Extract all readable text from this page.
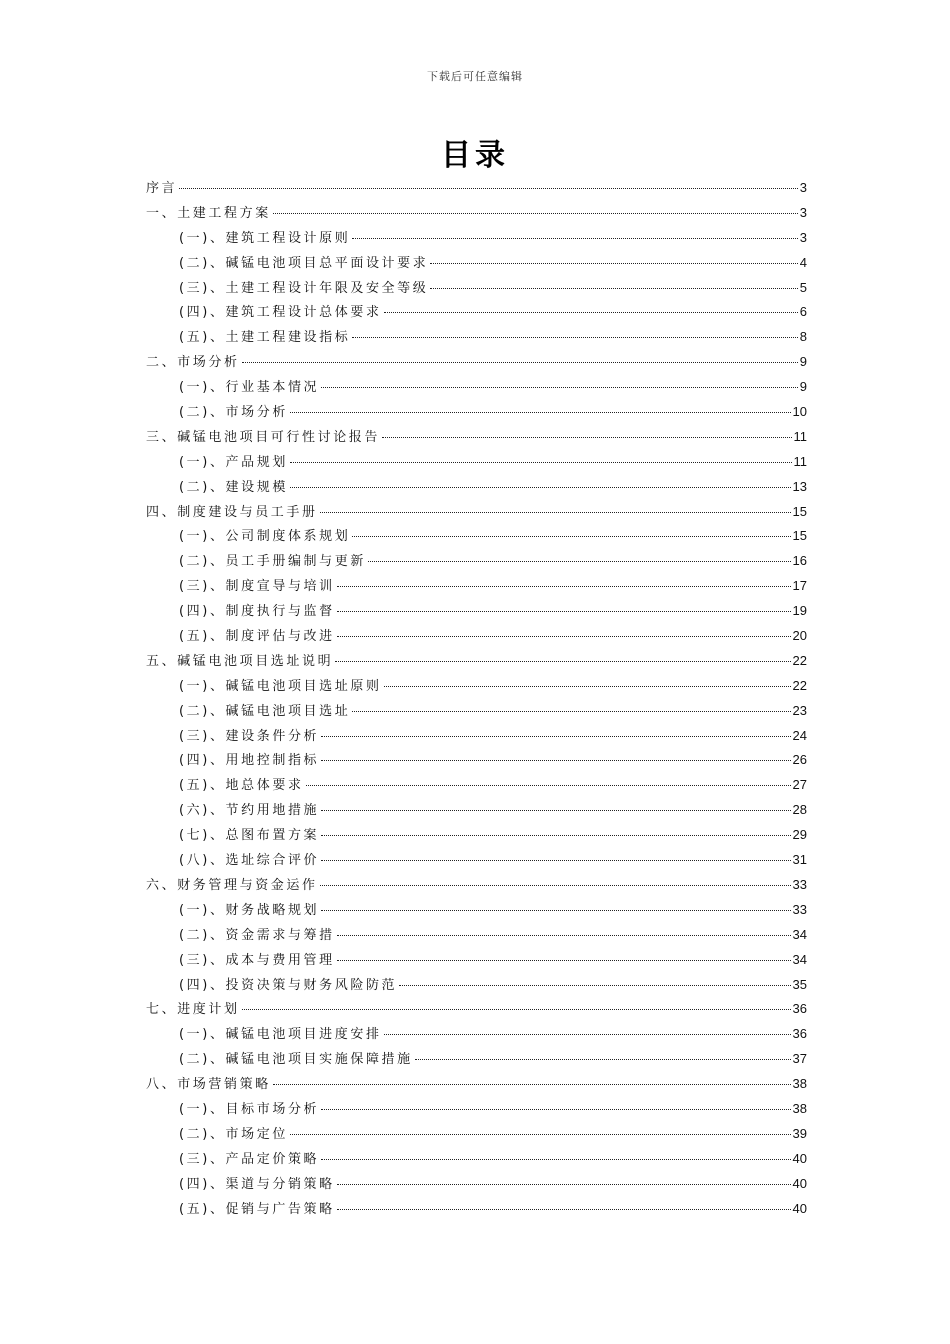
下载后可任意编辑
目录
序言	3
一、土建工程方案	3
(一)、建筑工程设计原则	3
(二)、碱锰电池项目总平面设计要求	4
(三)、土建工程设计年限及安全等级	5
(四)、建筑工程设计总体要求	6
(五)、土建工程建设指标	8
二、市场分析	9
(一)、行业基本情况	9
(二)、市场分析	10
三、碱锰电池项目可行性讨论报告	11
(一)、产品规划	11
(二)、建设规模	13
四、制度建设与员工手册	15
(一)、公司制度体系规划	15
(二)、员工手册编制与更新	16
(三)、制度宣导与培训	17
(四)、制度执行与监督	19
(五)、制度评估与改进	20
五、碱锰电池项目选址说明	22
(一)、碱锰电池项目选址原则	22
(二)、碱锰电池项目选址	23
(三)、建设条件分析	24
(四)、用地控制指标	26
(五)、地总体要求	27
(六)、节约用地措施	28
(七)、总图布置方案	29
(八)、选址综合评价	31
六、财务管理与资金运作	33
(一)、财务战略规划	33
(二)、资金需求与筹措	34
(三)、成本与费用管理	34
(四)、投资决策与财务风险防范	35
七、进度计划	36
(一)、碱锰电池项目进度安排	36
(二)、碱锰电池项目实施保障措施	37
八、市场营销策略	38
(一)、目标市场分析	38
(二)、市场定位	39
(三)、产品定价策略	40
(四)、渠道与分销策略	40
(五)、促销与广告策略	40
